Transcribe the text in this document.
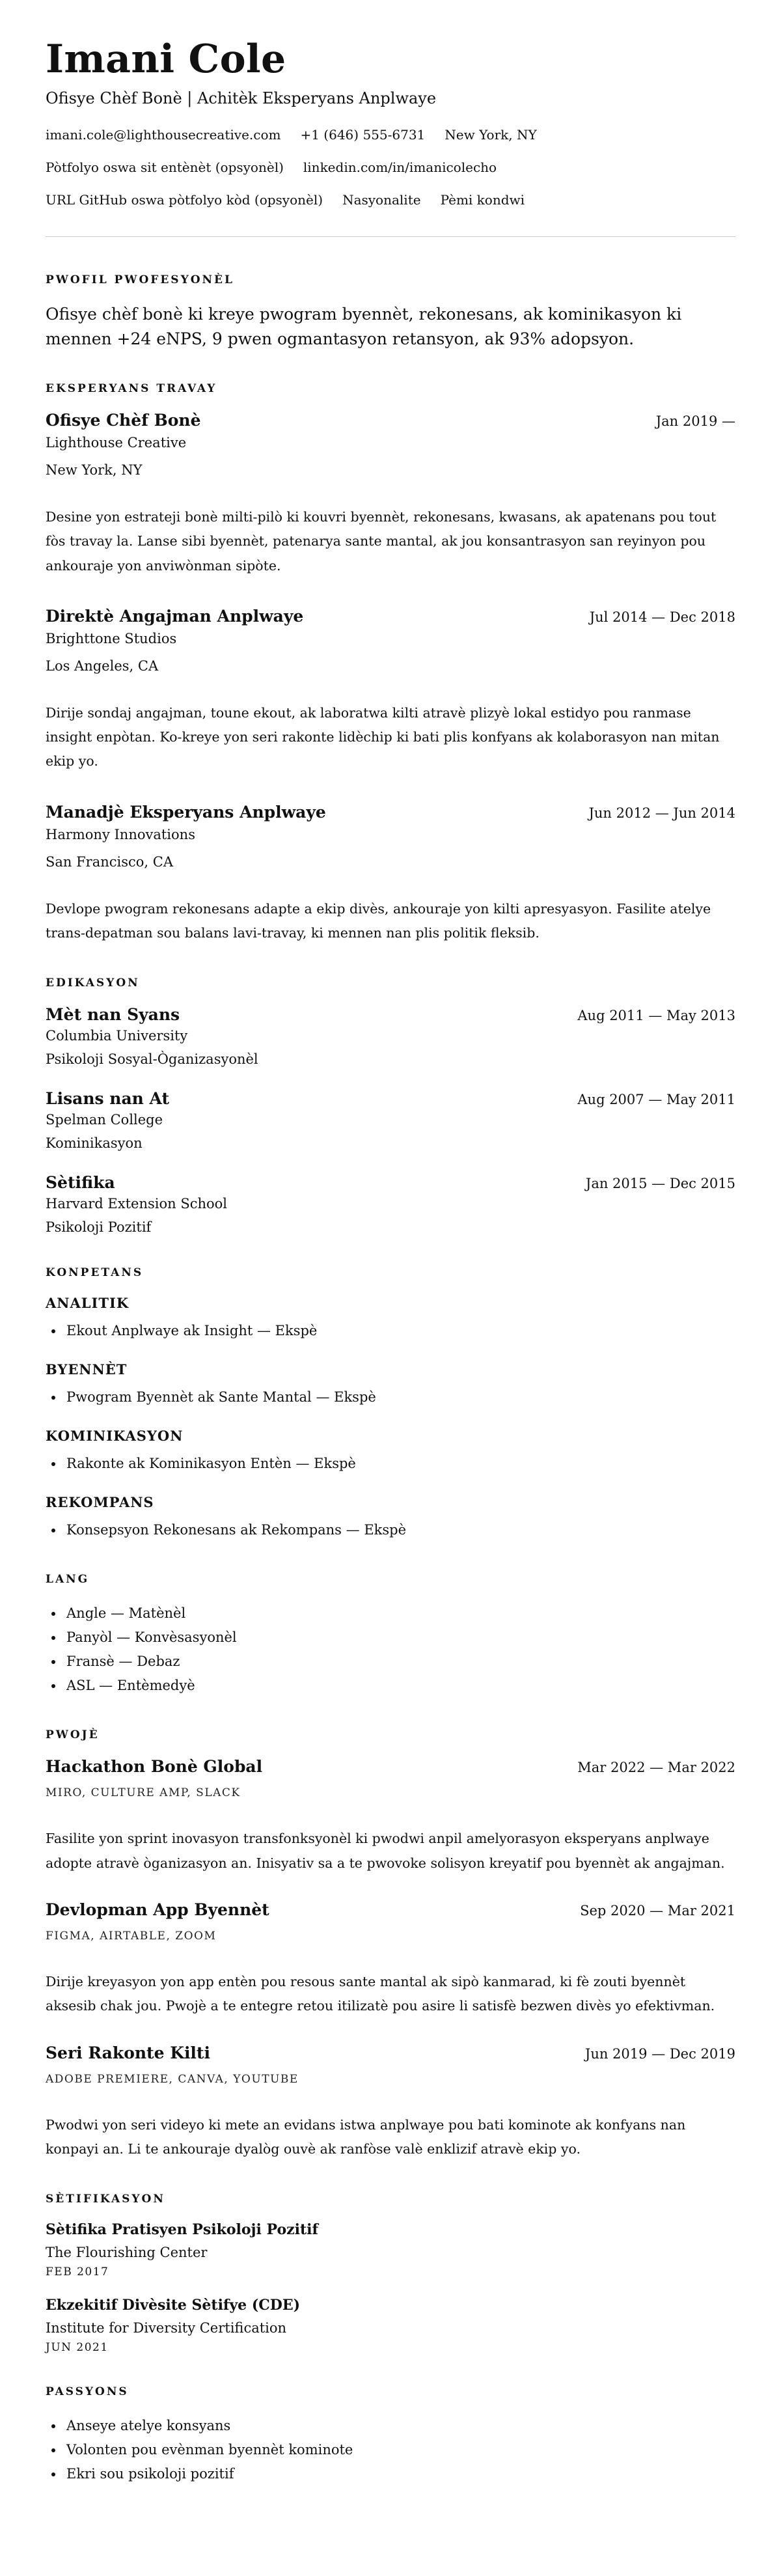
Imani Cole
Ofisye Chèf Bonè | Achitèk Eksperyans Anplwaye
imani.cole@lighthousecreative.com +1 (646) 555-6731 New York, NY
Pòtfolyo oswa sit entènèt (opsyonèl) linkedin.com/in/imanicolecho
URL GitHub oswa pòtfolyo kòd (opsyonèl) Nasyonalite Pèmi kondwi
PWOFIL PWOFESYONÈL

Ofisye chèf bonè ki kreye pwogram byennèt, rekonesans, ak kominikasyon ki mennen +24 eNPS, 9 pwen ogmantasyon retansyon, ak 93% adopsyon.

EKSPERYANS TRAVAY
Ofisye Chèf Bonè	Jan 2019 —
Lighthouse Creative
New York, NY
Desine yon estrateji bonè milti-pilò ki kouvri byennèt, rekonesans, kwasans, ak apatenans pou tout fòs travay la. Lanse sibi byennèt, patenarya sante mantal, ak jou konsantrasyon san reyinyon pou ankouraje yon anviwònman sipòte.
Direktè Angajman Anplwaye	Jul 2014 — Dec 2018
Brighttone Studios
Los Angeles, CA
Dirije sondaj angajman, toune ekout, ak laboratwa kilti atravè plizyè lokal estidyo pou ranmase insight enpòtan. Ko-kreye yon seri rakonte lidèchip ki bati plis konfyans ak kolaborasyon nan mitan ekip yo.
Manadjè Eksperyans Anplwaye	Jun 2012 — Jun 2014
Harmony Innovations
San Francisco, CA
Devlope pwogram rekonesans adapte a ekip divès, ankouraje yon kilti apresyasyon. Fasilite atelye trans-depatman sou balans lavi-travay, ki mennen nan plis politik fleksib.
EDIKASYON
Mèt nan Syans	Aug 2011 — May 2013
Columbia University
Psikoloji Sosyal-Òganizasyonèl
Lisans nan At	Aug 2007 — May 2011
Spelman College
Kominikasyon
Sètifika	Jan 2015 — Dec 2015
Harvard Extension School
Psikoloji Pozitif
KONPETANS
ANALITIK
• Ekout Anplwaye ak Insight — Ekspè
BYENNÈT
• Pwogram Byennèt ak Sante Mantal — Ekspè
KOMINIKASYON
• Rakonte ak Kominikasyon Entèn — Ekspè
REKOMPANS
• Konsepsyon Rekonesans ak Rekompans — Ekspè
LANG
• Angle — Matènèl
• Panyòl — Konvèsasyonèl
• Fransè — Debaz
• ASL — Entèmedyè
PWOJÈ
Hackathon Bonè Global	Mar 2022 — Mar 2022
MIRO, CULTURE AMP, SLACK
Fasilite yon sprint inovasyon transfonksyonèl ki pwodwi anpil amelyorasyon eksperyans anplwaye adopte atravè òganizasyon an. Inisyativ sa a te pwovoke solisyon kreyatif pou byennèt ak angajman.
Devlopman App Byennèt	Sep 2020 — Mar 2021
FIGMA, AIRTABLE, ZOOM
Dirije kreyasyon yon app entèn pou resous sante mantal ak sipò kanmarad, ki fè zouti byennèt aksesib chak jou. Pwojè a te entegre retou itilizatè pou asire li satisfè bezwen divès yo efektivman.
Seri Rakonte Kilti	Jun 2019 — Dec 2019
ADOBE PREMIERE, CANVA, YOUTUBE
Pwodwi yon seri videyo ki mete an evidans istwa anplwaye pou bati kominote ak konfyans nan konpayi an. Li te ankouraje dyalòg ouvè ak ranfòse valè enklizif atravè ekip yo.
SÈTIFIKASYON
Sètifika Pratisyen Psikoloji Pozitif
The Flourishing Center
FEB 2017
Ekzekitif Divèsite Sètifye (CDE)
Institute for Diversity Certification
JUN 2021
PASSYONS
• Anseye atelye konsyans
• Volonten pou evènman byennèt kominote
• Ekri sou psikoloji pozitif
